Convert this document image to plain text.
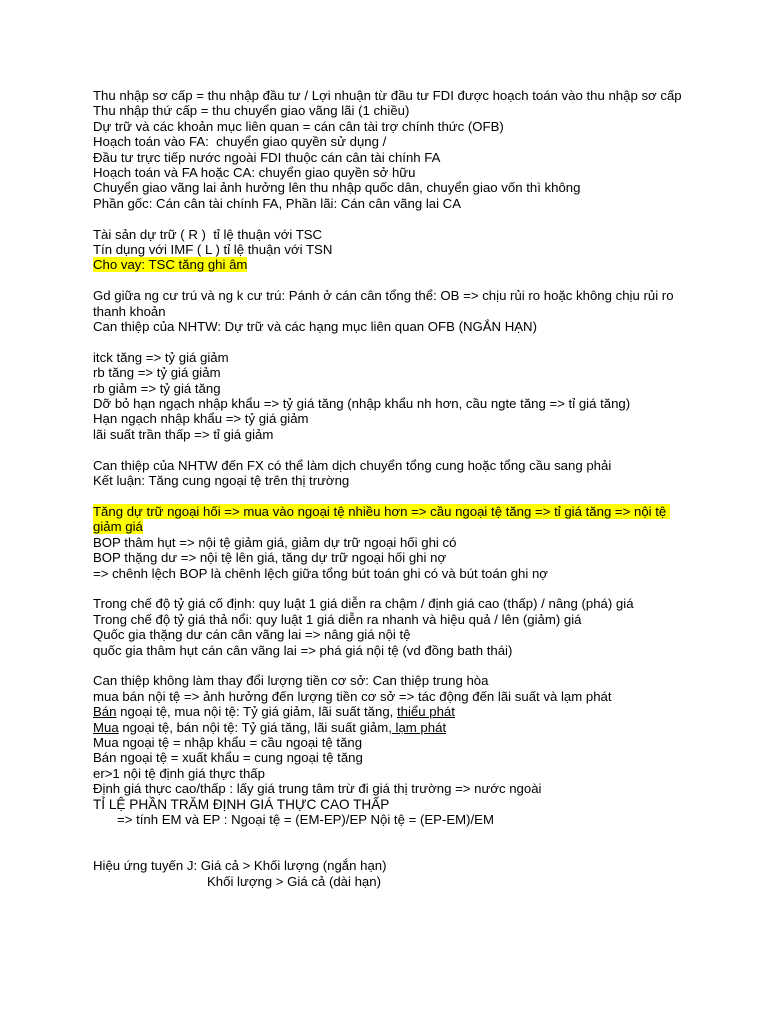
Thu nhập sơ cấp = thu nhập đầu tư / Lợi nhuận từ đầu tư FDI được hoạch toán vào thu nhập sơ cấp

Thu nhập thứ cấp = thu chuyển giao vãng lãi (1 chiều)

Dự trữ và các khoản mục liên quan = cán cân tài trợ chính thức (OFB)

Hoạch toán vào FA:  chuyển giao quyền sử dụng /

Đầu tư trực tiếp nước ngoài FDI thuộc cán cân tài chính FA

Hoạch toán và FA hoặc CA: chuyển giao quyền sở hữu

Chuyển giao vãng lai ảnh hưởng lên thu nhập quốc dân, chuyển giao vốn thì không

Phần gốc: Cán cân tài chính FA, Phần lãi: Cán cân vãng lai CA

Tài sản dự trữ ( R )  tỉ lệ thuận với TSC

Tín dụng với IMF ( L ) tỉ lệ thuận với TSN

Cho vay: TSC tăng ghi âm

Gd giữa ng cư trú và ng k cư trú: Pánh ở cán cân tổng thể: OB => chịu rủi ro hoặc không chịu rủi ro thanh khoản

Can thiệp của NHTW: Dự trữ và các hạng mục liên quan OFB (NGẮN HẠN)

itck tăng => tỷ giá giảm

rb tăng => tỷ giá giảm

rb giảm => tỷ giá tăng

Dỡ bỏ hạn ngạch nhập khẩu => tỷ giá tăng (nhập khẩu nh hơn, cầu ngte tăng => tỉ giá tăng)

Hạn ngạch nhập khẩu => tỷ giá giảm

lãi suất trần thấp => tỉ giá giảm

Can thiệp của NHTW đến FX có thể làm dịch chuyển tổng cung hoặc tổng cầu sang phải

Kết luận: Tăng cung ngoại tệ trên thị trường

Tăng dự trữ ngoại hối => mua vào ngoại tệ nhiều hơn => cầu ngoại tệ tăng => tỉ giá tăng => nội tệ giảm giá

BOP thâm hụt => nội tệ giảm giá, giảm dự trữ ngoại hối ghi có

BOP thặng dư => nội tệ lên giá, tăng dự trữ ngoại hối ghi nợ

=> chênh lệch BOP là chênh lệch giữa tổng bút toán ghi có và bút toán ghi nợ

Trong chế độ tỷ giá cố định: quy luật 1 giá diễn ra chậm / định giá cao (thấp) / nâng (phá) giá

Trong chế độ tỷ giá thả nổi: quy luật 1 giá diễn ra nhanh và hiệu quả / lên (giảm) giá

Quốc gia thặng dư cán cân vãng lai => nâng giá nội tệ

quốc gia thâm hụt cán cân vãng lai => phá giá nội tệ (vd đồng bath thái)

Can thiệp không làm thay đổi lượng tiền cơ sở: Can thiệp trung hòa

mua bán nội tệ => ảnh hưởng đến lượng tiền cơ sở => tác động đến lãi suất và lạm phát

Bán ngoại tệ, mua nội tệ: Tỷ giá giảm, lãi suất tăng, thiểu phát

Mua ngoại tệ, bán nội tệ: Tỷ giá tăng, lãi suất giảm, lạm phát

Mua ngoại tệ = nhập khẩu = cầu ngoại tệ tăng

Bán ngoại tệ = xuất khẩu = cung ngoại tệ tăng

er>1 nội tệ định giá thực thấp

Định giá thực cao/thấp : lấy giá trung tâm trừ đi giá thị trường => nước ngoài

TỈ LỆ PHẦN TRĂM ĐỊNH GIÁ THỰC CAO THẤP

=> tính EM và EP : Ngoại tệ = (EM-EP)/EP Nội tệ = (EP-EM)/EM

Hiệu ứng tuyến J: Giá cả > Khối lượng (ngắn hạn)

Khối lượng > Giá cả (dài hạn)
